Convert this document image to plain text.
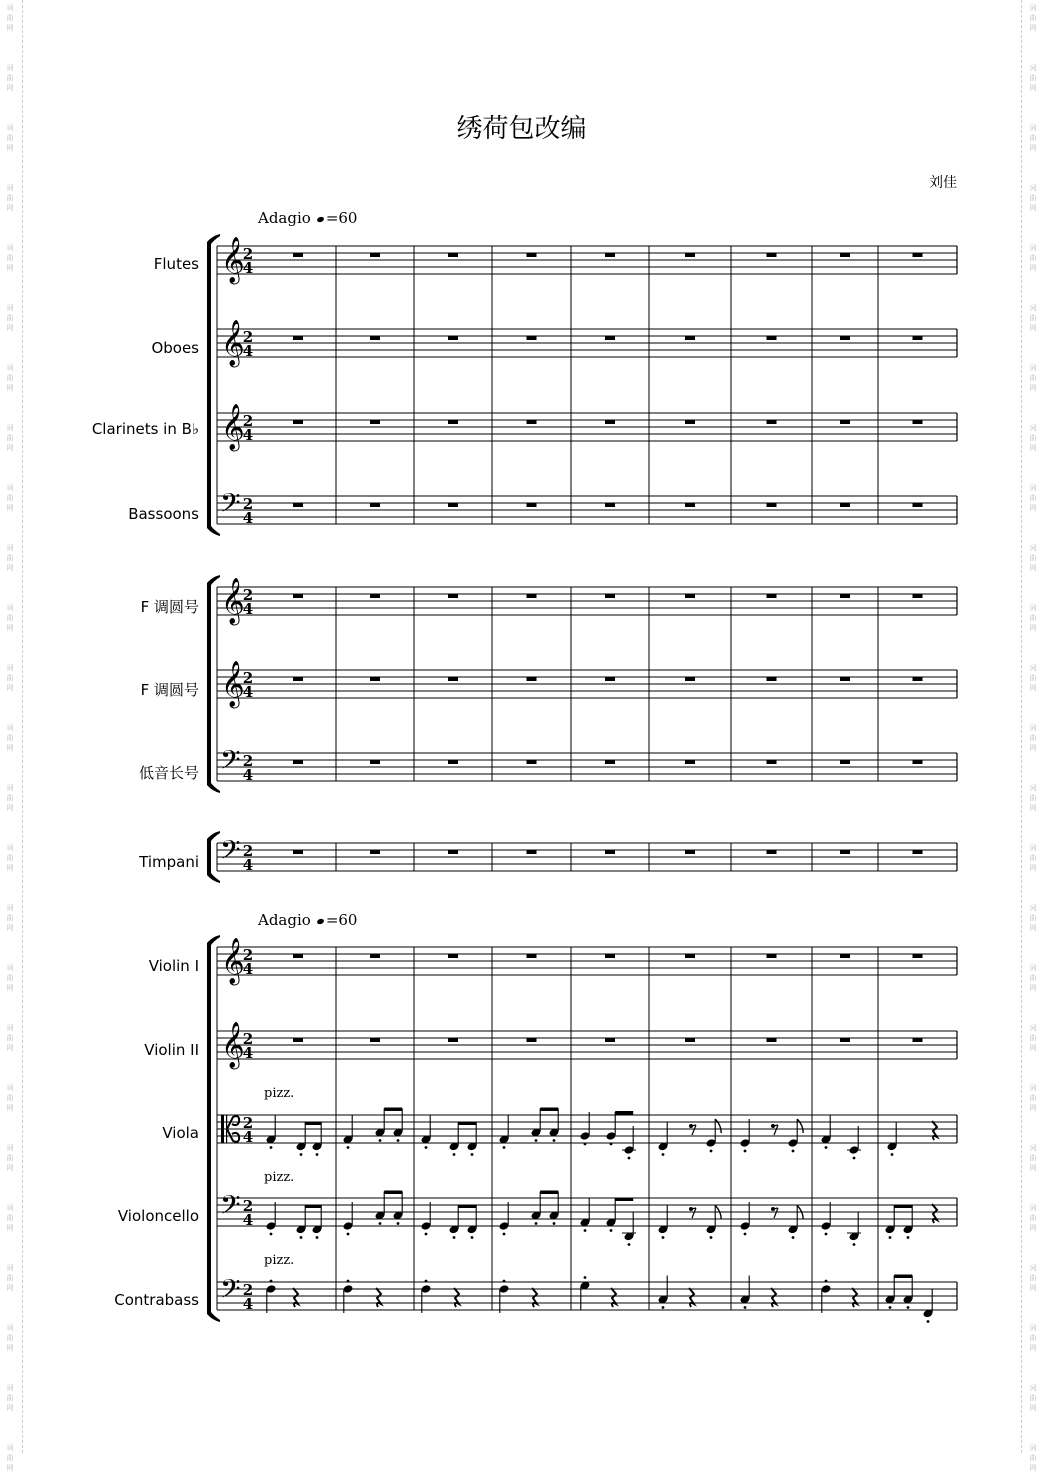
词
曲
网
词
曲
网
词
曲
网
词
曲
网
词
曲
网
词
曲
网
词
曲
网
词
曲
网
词
曲
网
词
曲
网
词
曲
网
词
曲
网
词
曲
网
词
曲
网
词
曲
网
词
曲
网
词
曲
网
词
曲
网
词
曲
网
词
曲
网
词
曲
网
词
曲
网
词
曲
网
词
曲
网
词
曲
网
词
曲
网
词
曲
网
词
曲
网
词
曲
网
词
曲
网
词
曲
网
词
曲
网
词
曲
网
词
曲
网
词
曲
网
词
曲
网
词
曲
网
词
曲
网
词
曲
网
词
曲
网
词
曲
网
词
曲
网
词
曲
网
词
曲
网
词
曲
网
词
曲
网
词
曲
网
词
曲
网
词
曲
网
词
曲
网
绣荷包改编
刘佳
Adagio =60
Adagio =60
Flutes
Oboes
Clarinets in B♭
Bassoons
F 调圆号
F 调圆号
低音长号
Timpani
Violin I
Violin II
Viola
Violoncello
Contrabass
pizz.
pizz.
pizz.
𝄞
2
4
𝄞
2
4
𝄞
2
4
𝄢 2
4
𝄞
2
4
𝄞
2
4
𝄢 2
4
𝄢 2
4
𝄞
2
4
𝄞
2
4
2
4
𝄢 2
4
𝄢 2
4
